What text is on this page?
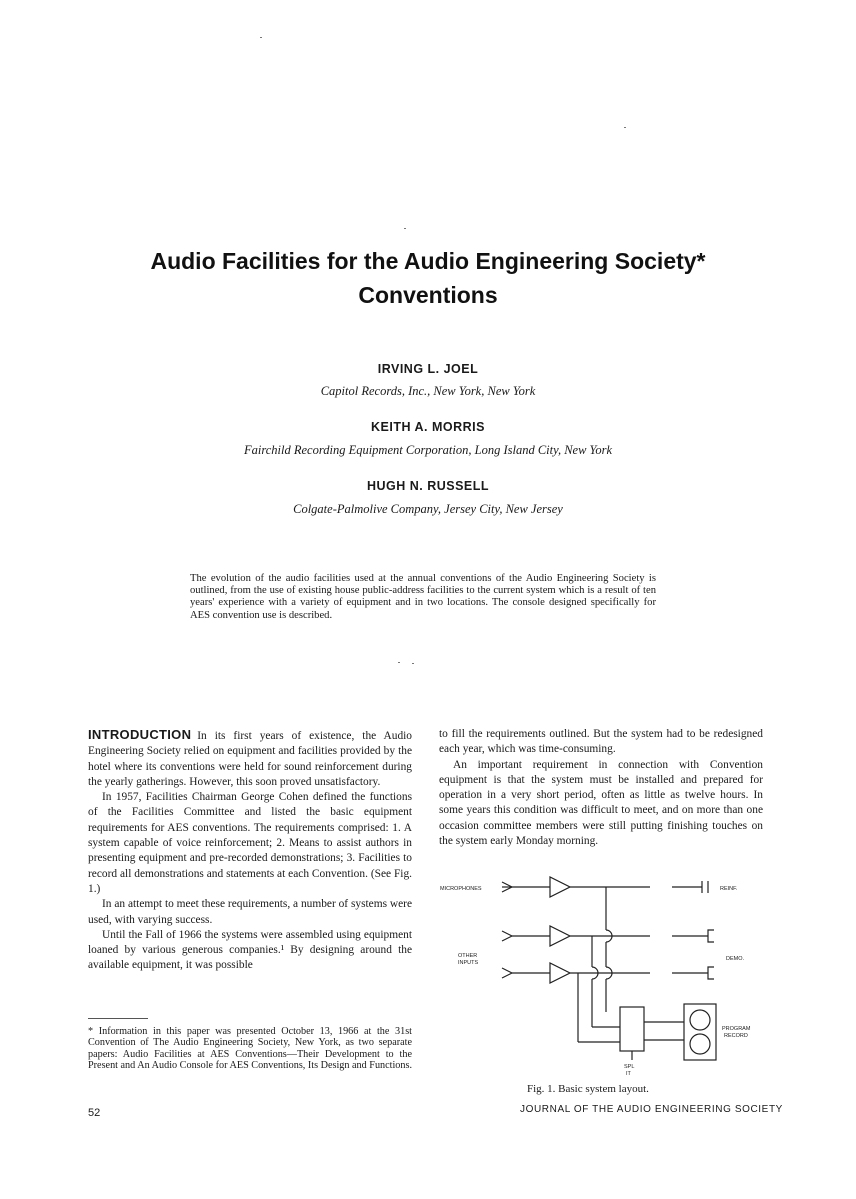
Audio Facilities for the Audio Engineering Society*
Conventions
IRVING L. JOEL
Capitol Records, Inc., New York, New York
KEITH A. MORRIS
Fairchild Recording Equipment Corporation, Long Island City, New York
HUGH N. RUSSELL
Colgate-Palmolive Company, Jersey City, New Jersey
The evolution of the audio facilities used at the annual conventions of the Audio Engineering Society is outlined, from the use of existing house public-address facilities to the current system which is a result of ten years' experience with a variety of equipment and in two locations. The console designed specifically for AES convention use is described.

INTRODUCTION In its first years of existence, the Audio Engineering Society relied on equipment and facilities provided by the hotel where its conventions were held for sound reinforcement during the yearly gatherings. However, this soon proved unsatisfactory.

In 1957, Facilities Chairman George Cohen defined the functions of the Facilities Committee and listed the basic equipment requirements for AES conventions. The requirements comprised: 1. A system capable of voice reinforcement; 2. Means to assist authors in presenting equipment and pre-recorded demonstrations; 3. Facilities to record all demonstrations and statements at each Convention. (See Fig. 1.)

In an attempt to meet these requirements, a number of systems were used, with varying success.

Until the Fall of 1966 the systems were assembled using equipment loaned by various generous companies.¹ By designing around the available equipment, it was possible

* Information in this paper was presented October 13, 1966 at the 31st Convention of The Audio Engineering Society, New York, as two separate papers: Audio Facilities at AES Conventions—Their Development to the Present and An Audio Console for AES Conventions, Its Design and Functions.

to fill the requirements outlined. But the system had to be redesigned each year, which was time-consuming.

An important requirement in connection with Convention equipment is that the system must be installed and prepared for operation in a very short period, often as little as twelve hours. In some years this condition was difficult to meet, and on more than one occasion committee members were still putting finishing touches on the system early Monday morning.

MICROPHONES
OTHER
INPUTS
REINF.
DEMO.
PROGRAM
RECORD
SPL
IT
Fig. 1. Basic system layout.
52	JOURNAL OF THE AUDIO ENGINEERING SOCIETY
